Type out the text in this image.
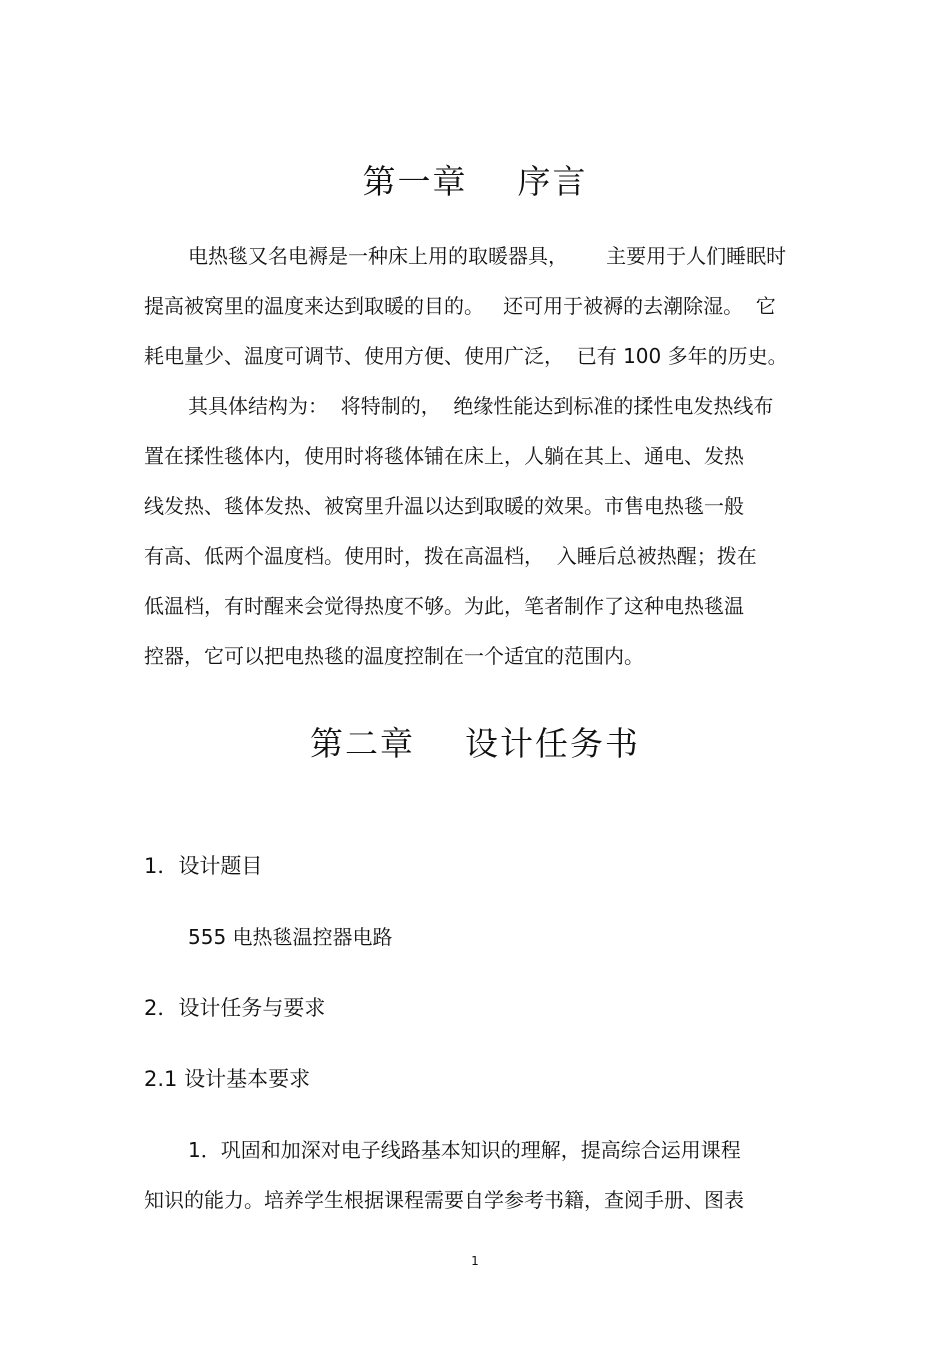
第一章    序言
电热毯又名电褥是一种床上用的取暖器具，      主要用于人们睡眠时
提高被窝里的温度来达到取暖的目的。   还可用于被褥的去潮除湿。  它
耗电量少、温度可调节、使用方便、使用广泛，  已有 100 多年的历史。
其具体结构为：  将特制的，  绝缘性能达到标准的揉性电发热线布
置在揉性毯体内，使用时将毯体铺在床上，人躺在其上、通电、发热
线发热、毯体发热、被窝里升温以达到取暖的效果。市售电热毯一般
有高、低两个温度档。使用时，拨在高温档，  入睡后总被热醒；拨在
低温档，有时醒来会觉得热度不够。为此，笔者制作了这种电热毯温
控器，它可以把电热毯的温度控制在一个适宜的范围内。
第二章    设计任务书
1．设计题目
555 电热毯温控器电路
2．设计任务与要求
2.1 设计基本要求
1．巩固和加深对电子线路基本知识的理解，提高综合运用课程
知识的能力。培养学生根据课程需要自学参考书籍，查阅手册、图表
1
